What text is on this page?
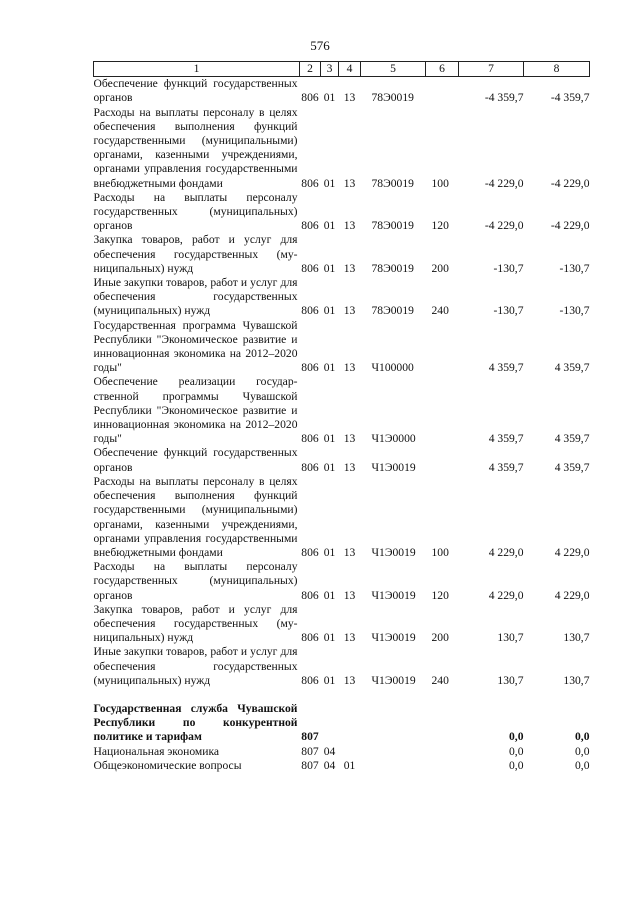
576
1	2	3	4	5	6	7	8
Обеспечение функций государственных органов	806	01	13	78Э0019		-4 359,7	-4 359,7
Расходы на выплаты персоналу в целях обеспечения выполнения функций государственными (муниципальными) органами, казенными учреждениями, органами управления государственными внебюджетными фондами	806	01	13	78Э0019	100	-4 229,0	-4 229,0
Расходы на выплаты персоналу государственных (муниципальных) органов	806	01	13	78Э0019	120	-4 229,0	-4 229,0
Закупка товаров, работ и услуг для обеспечения государственных (муниципальных) нужд	806	01	13	78Э0019	200	-130,7	-130,7
Иные закупки товаров, работ и услуг для обеспечения государственных (муниципальных) нужд	806	01	13	78Э0019	240	-130,7	-130,7
Государственная программа Чувашской Республики "Экономическое развитие и инновационная экономика на 2012–2020 годы"	806	01	13	Ч100000		4 359,7	4 359,7
Обеспечение реализации государственной программы Чувашской Республики "Экономическое развитие и инновационная экономика на 2012–2020 годы"	806	01	13	Ч1Э0000		4 359,7	4 359,7
Обеспечение функций государственных органов	806	01	13	Ч1Э0019		4 359,7	4 359,7
Расходы на выплаты персоналу в целях обеспечения выполнения функций государственными (муниципальными) органами, казенными учреждениями, органами управления государственными внебюджетными фондами	806	01	13	Ч1Э0019	100	4 229,0	4 229,0
Расходы на выплаты персоналу государственных (муниципальных) органов	806	01	13	Ч1Э0019	120	4 229,0	4 229,0
Закупка товаров, работ и услуг для обеспечения государственных (муниципальных) нужд	806	01	13	Ч1Э0019	200	130,7	130,7
Иные закупки товаров, работ и услуг для обеспечения государственных (муниципальных) нужд	806	01	13	Ч1Э0019	240	130,7	130,7

Государственная служба Чувашской Республики по конкурентной политике и тарифам	807					0,0	0,0
Национальная экономика	807	04				0,0	0,0
Общеэкономические вопросы	807	04	01			0,0	0,0
